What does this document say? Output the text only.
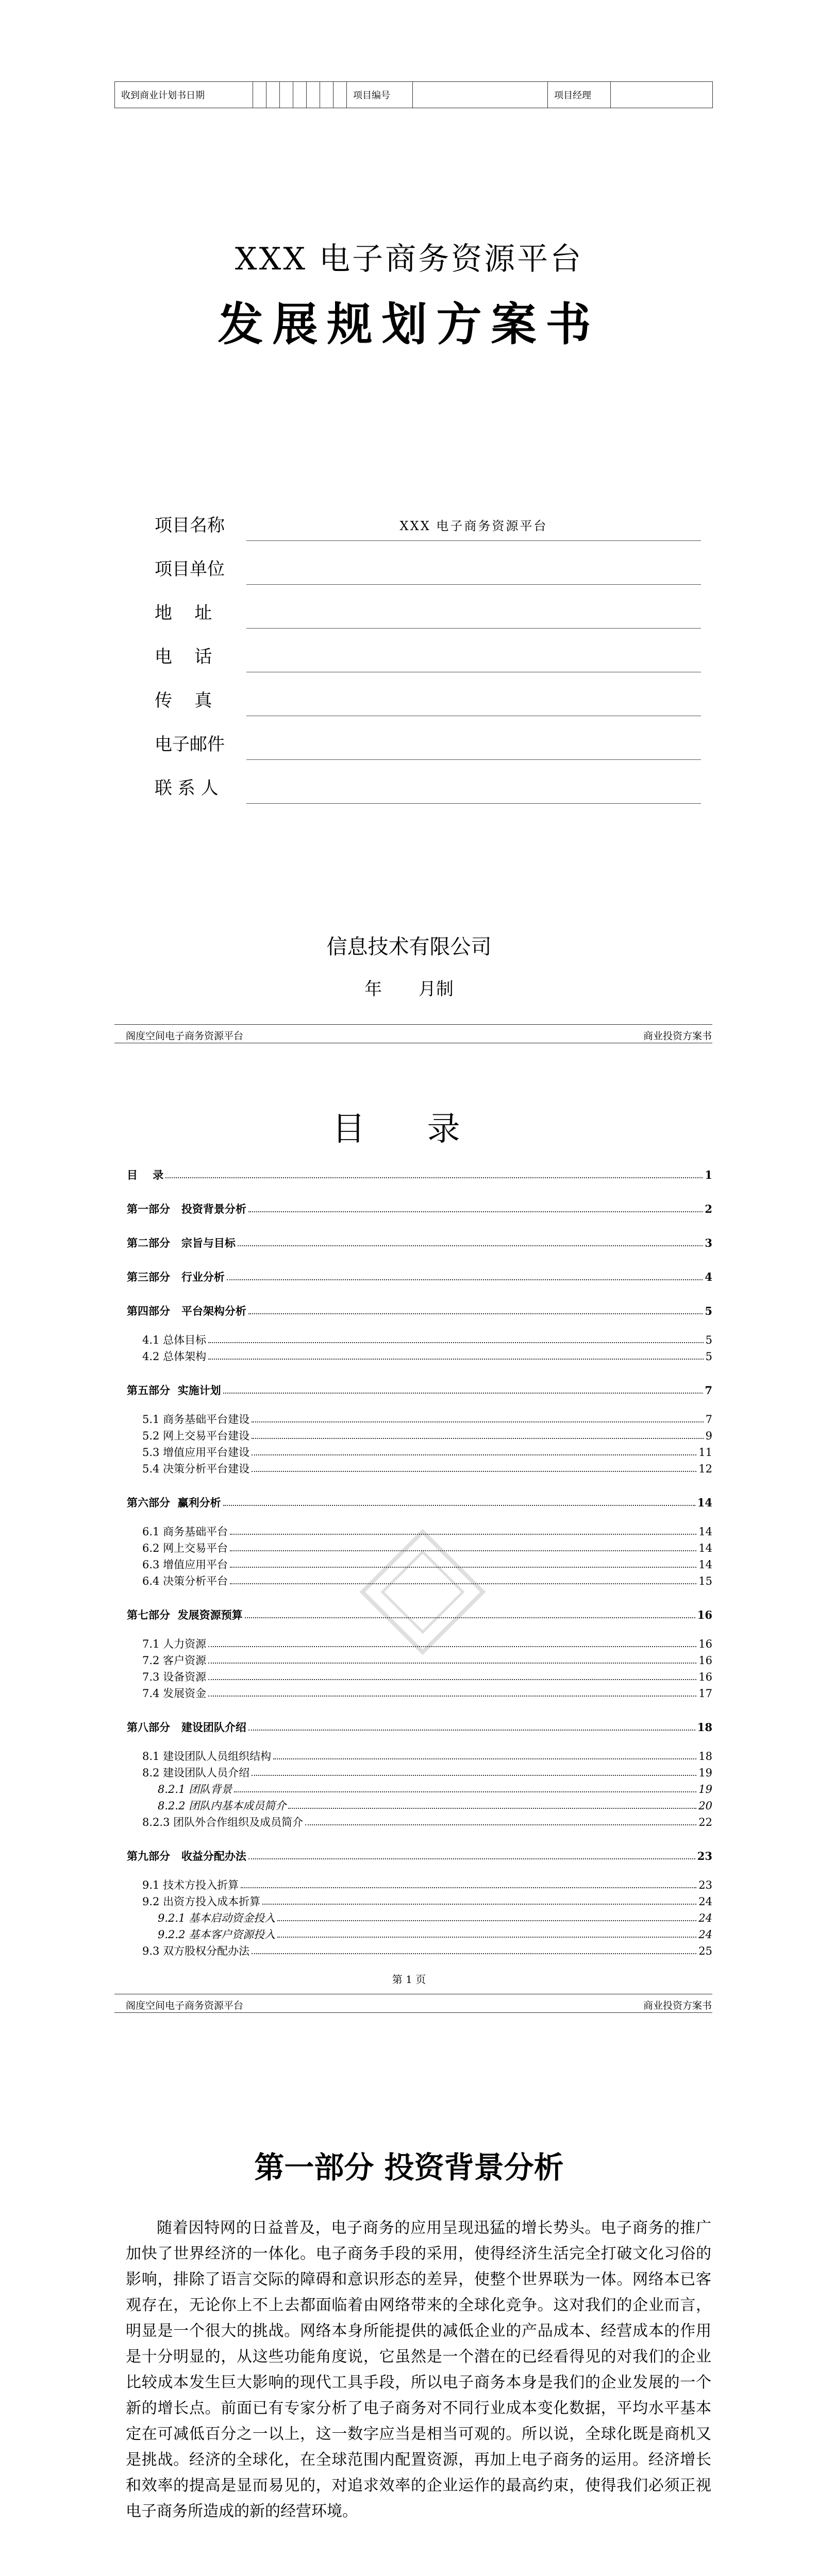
收到商业计划书日期								项目编号		项目经理	
XXX 电子商务资源平台
发展规划方案书
项目名称	XXX 电子商务资源平台
项目单位
地    址
电    话
传    真
电子邮件
联 系 人
信息技术有限公司
年 月制
阁度空间电子商务资源平台	商业投资方案书
目 录
目    录	1
第一部分   投资背景分析	2
第二部分   宗旨与目标	3
第三部分   行业分析	4
第四部分   平台架构分析	5
4.1 总体目标	5
4.2 总体架构	5
第五部分  实施计划	7
5.1 商务基础平台建设	7
5.2 网上交易平台建设	9
5.3 增值应用平台建设	11
5.4 决策分析平台建设	12
第六部分  赢利分析	14
6.1 商务基础平台	14
6.2 网上交易平台	14
6.3 增值应用平台	14
6.4 决策分析平台	15
第七部分  发展资源预算	16
7.1 人力资源	16
7.2 客户资源	16
7.3 设备资源	16
7.4 发展资金	17
第八部分   建设团队介绍	18
8.1 建设团队人员组织结构	18
8.2 建设团队人员介绍	19
8.2.1 团队背景	19
8.2.2 团队内基本成员简介	20
8.2.3 团队外合作组织及成员简介	22
第九部分   收益分配办法	23
9.1 技术方投入折算	23
9.2 出资方投入成本折算	24
9.2.1 基本启动资金投入	24
9.2.2 基本客户资源投入	24
9.3 双方股权分配办法	25
第 1 页
阁度空间电子商务资源平台	商业投资方案书
第一部分 投资背景分析

随着因特网的日益普及，电子商务的应用呈现迅猛的增长势头。电子商务的推广加快了世界经济的一体化。电子商务手段的采用，使得经济生活完全打破文化习俗的影响，排除了语言交际的障碍和意识形态的差异，使整个世界联为一体。网络本已客观存在，无论你上不上去都面临着由网络带来的全球化竞争。这对我们的企业而言，明显是一个很大的挑战。网络本身所能提供的减低企业的产品成本、经营成本的作用是十分明显的，从这些功能角度说，它虽然是一个潜在的已经看得见的对我们的企业比较成本发生巨大影响的现代工具手段，所以电子商务本身是我们的企业发展的一个新的增长点。前面已有专家分析了电子商务对不同行业成本变化数据，平均水平基本定在可减低百分之一以上，这一数字应当是相当可观的。所以说，全球化既是商机又是挑战。经济的全球化，在全球范围内配置资源，再加上电子商务的运用。经济增长和效率的提高是显而易见的，对追求效率的企业运作的最高约束，使得我们必须正视电子商务所造成的新的经营环境。
